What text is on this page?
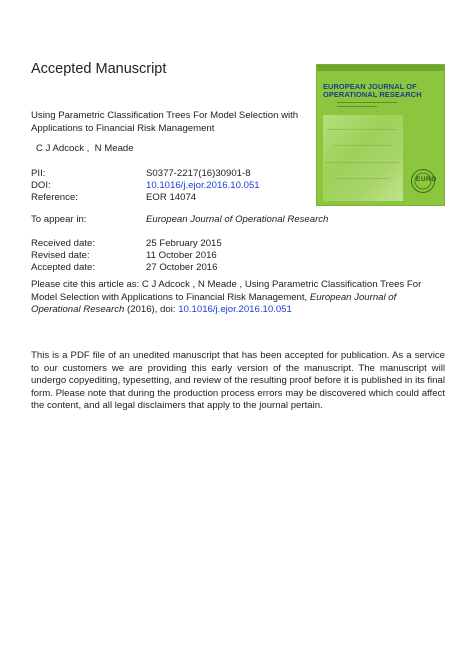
Accepted Manuscript
Using Parametric Classification Trees For Model Selection with Applications to Financial Risk Management
C J Adcock ,  N Meade
PII:	S0377-2217(16)30901-8
DOI:	10.1016/j.ejor.2016.10.051
Reference:	EOR 14074
To appear in:	European Journal of Operational Research
Received date:	25 February 2015
Revised date:	11 October 2016
Accepted date:	27 October 2016
Please cite this article as: C J Adcock , N Meade , Using Parametric Classification Trees For Model Selection with Applications to Financial Risk Management, European Journal of Operational Research (2016), doi: 10.1016/j.ejor.2016.10.051
This is a PDF file of an unedited manuscript that has been accepted for publication. As a service to our customers we are providing this early version of the manuscript. The manuscript will undergo copyediting, typesetting, and review of the resulting proof before it is published in its final form. Please note that during the production process errors may be discovered which could affect the content, and all legal disclaimers that apply to the journal pertain.
EUROPEAN JOURNAL OF
OPERATIONAL RESEARCH
EURO
